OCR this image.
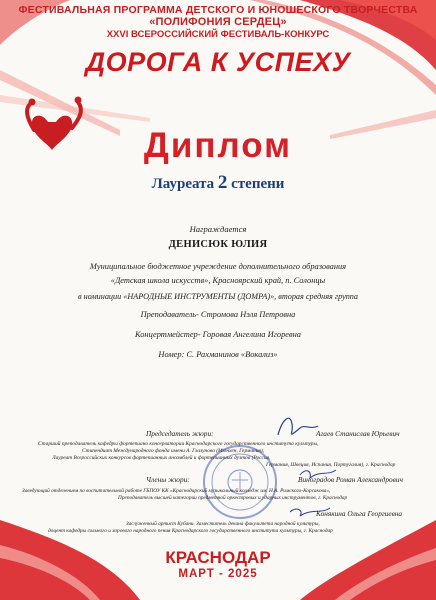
ФЕСТИВАЛЬНАЯ ПРОГРАММА ДЕТСКОГО И ЮНОШЕСКОГО ТВОРЧЕСТВА
«ПОЛИФОНИЯ СЕРДЕЦ»
XXVI ВСЕРОССИЙСКИЙ ФЕСТИВАЛЬ-КОНКУРС
ДОРОГА К УСПЕХУ
Диплом
Лауреата 2 степени
Награждается
ДЕНИСЮК ЮЛИЯ
Муниципальное бюджетное учреждение дополнительного образования
«Детская школа искусств», Красноярский край, п. Солонцы
в номинации «НАРОДНЫЕ ИНСТРУМЕНТЫ (ДОМРА)», вторая средняя группа
Преподаватель- Стромова Нэля Петровна
Концертмейстер- Горовая Ангелина Игоревна
Номер: С. Рахманинов «Вокализ»
Председатель жюри:	Агаев Станислав Юрьевич
Старший преподаватель кафедры фортепиано консерватории Краснодарского государственного института культуры,
Стипендиат Международного фонда имени А. Глазунова (Мюнхен, Германия),
Лауреат Всероссийских конкурсов фортепианных ансамблей и фортепианных дуэтов (Россия,
Германия, Швеция, Испания, Португалия), г. Краснодар
Члены жюри:	Виноградов Роман Александрович
Заведующий отделением по воспитательной работе ГБПОУ КК «Краснодарский музыкальный колледж им. Н.А. Римского-Корсакова»,
Преподаватель высшей категории предметной оркестровых и ударных инструментов, г. Краснодар
Конякина Ольга Георгиевна
Заслуженный артист Кубани. Заместитель декана факультета народной культуры,
доцент кафедры сольного и хорового народного пения Краснодарского государственного института культуры, г. Краснодар
КРАСНОДАР
МАРТ - 2025
